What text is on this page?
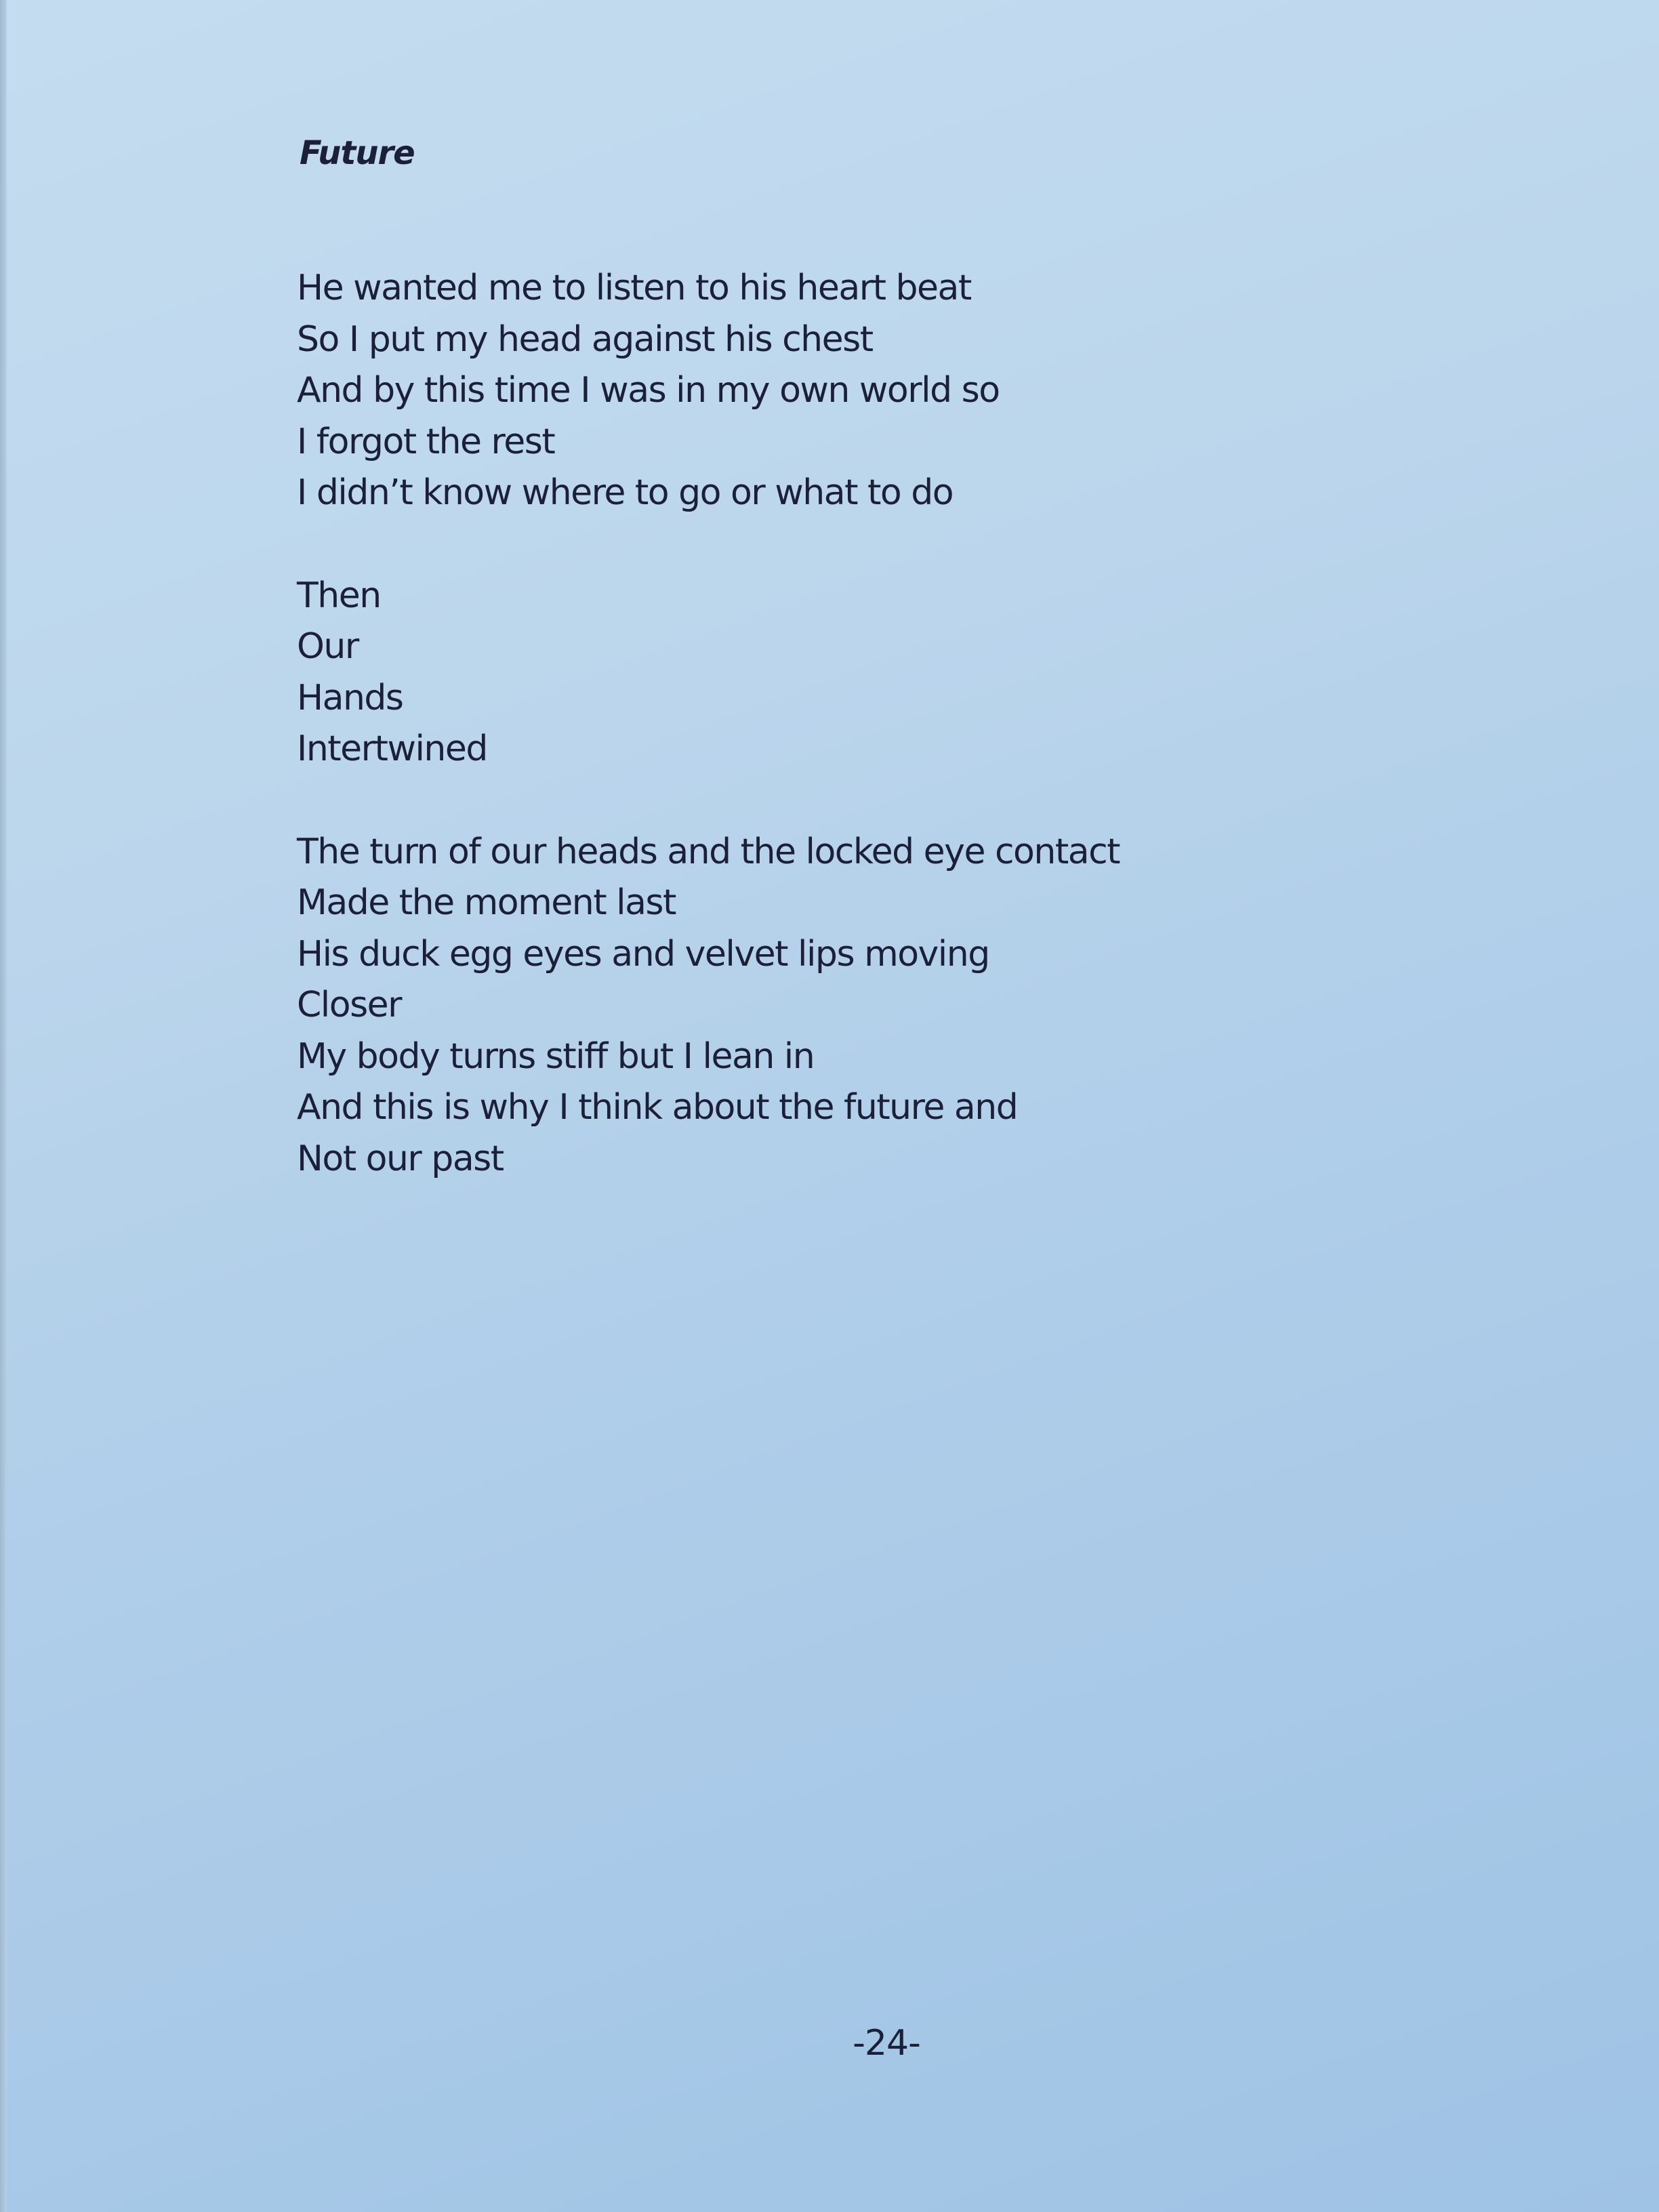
Future
He wanted me to listen to his heart beat
So I put my head against his chest
And by this time I was in my own world so
I forgot the rest
I didn’t know where to go or what to do
Then
Our
Hands
Intertwined
The turn of our heads and the locked eye contact
Made the moment last
His duck egg eyes and velvet lips moving
Closer
My body turns stiff but I lean in
And this is why I think about the future and
Not our past
-24-
